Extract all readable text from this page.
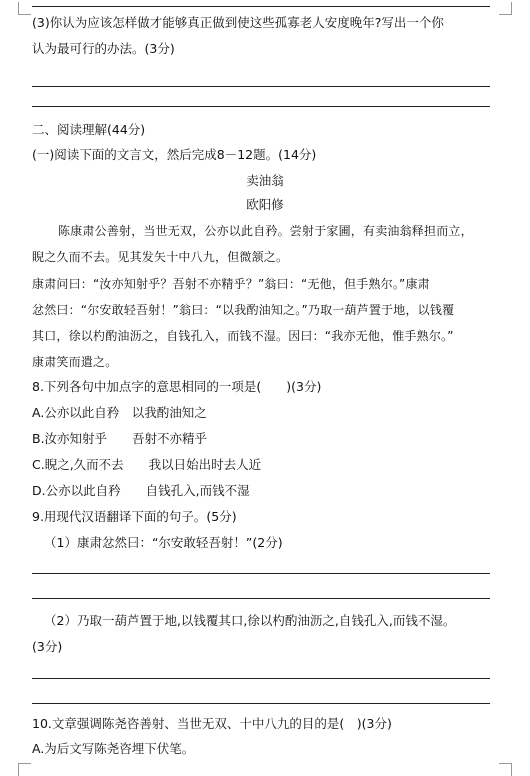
(3)你认为应该怎样做才能够真正做到使这些孤寡老人安度晚年?写出一个你
认为最可行的办法。(3分)
二、阅读理解(44分)
(一)阅读下面的文言文，然后完成8－12题。(14分)
卖油翁
欧阳修
陈康肃公善射，当世无双，公亦以此自矜。尝射于家圃，有卖油翁释担而立，
睨之久而不去。见其发矢十中八九，但微颔之。
康肃问曰：“汝亦知射乎？吾射不亦精乎？”翁曰：“无他，但手熟尔。”康肃
忿然曰：“尔安敢轻吾射！”翁曰：“以我酌油知之。”乃取一葫芦置于地，以钱覆
其口，徐以杓酌油沥之，自钱孔入，而钱不湿。因曰：“我亦无他，惟手熟尔。”
康肃笑而遣之。
8.下列各句中加点字的意思相同的一项是(　　)(3分)
A.公亦以此自矜　以我酌油知之
B.汝亦知射乎　　吾射不亦精乎
C.睨之,久而不去　　我以日始出时去人近
D.公亦以此自矜　　自钱孔入,而钱不湿
9.用现代汉语翻译下面的句子。(5分)
（1）康肃忿然曰：“尔安敢轻吾射！”(2分)
（2）乃取一葫芦置于地,以钱覆其口,徐以杓酌油沥之,自钱孔入,而钱不湿。
(3分)
10.文章强调陈尧咨善射、当世无双、十中八九的目的是(　)(3分)
A.为后文写陈尧咨埋下伏笔。
